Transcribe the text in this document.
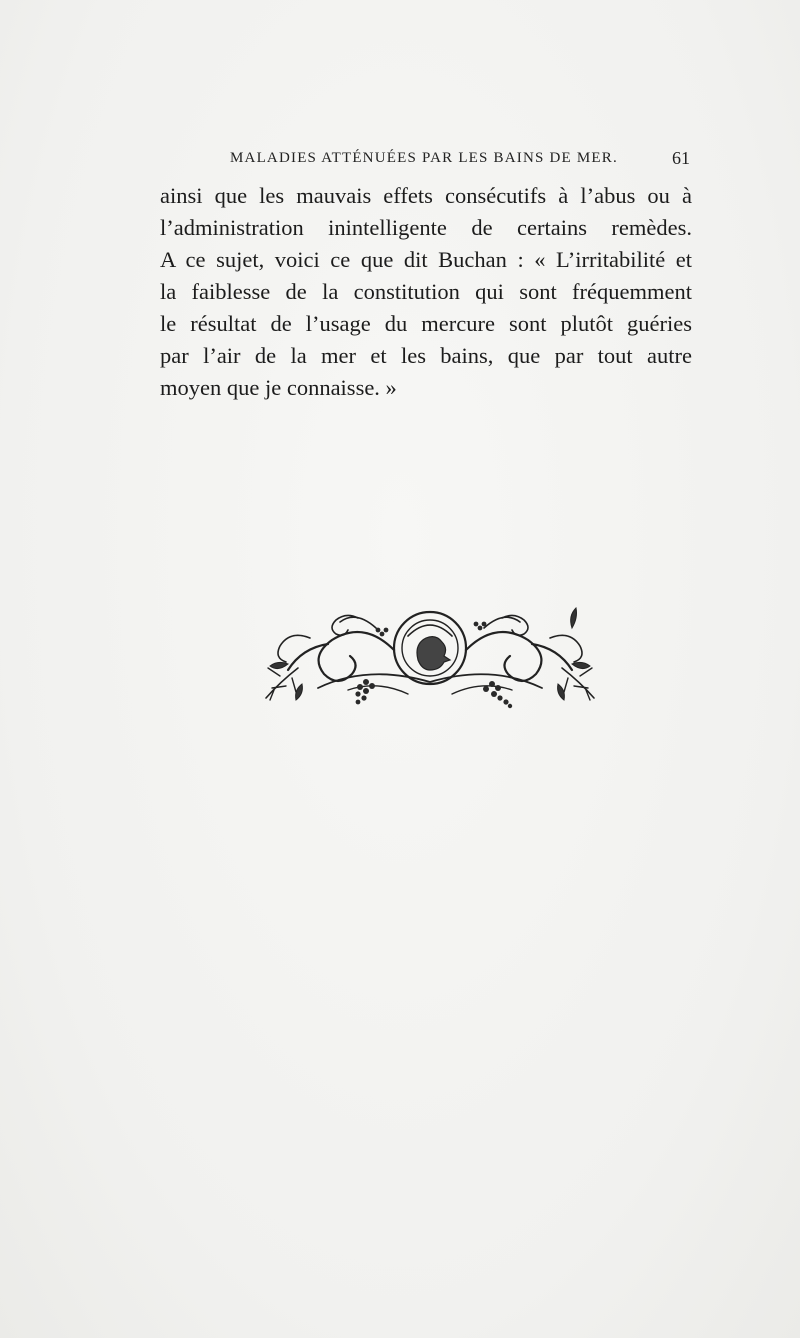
MALADIES ATTÉNUÉES PAR LES BAINS DE MER.	61
ainsi que les mauvais effets consécutifs à l’abus ou à
l’administration inintelligente de certains remèdes.
A ce sujet, voici ce que dit Buchan : « L’irritabilité et
la faiblesse de la constitution qui sont fréquemment
le résultat de l’usage du mercure sont plutôt guéries
par l’air de la mer et les bains, que par tout autre
moyen que je connaisse. »
